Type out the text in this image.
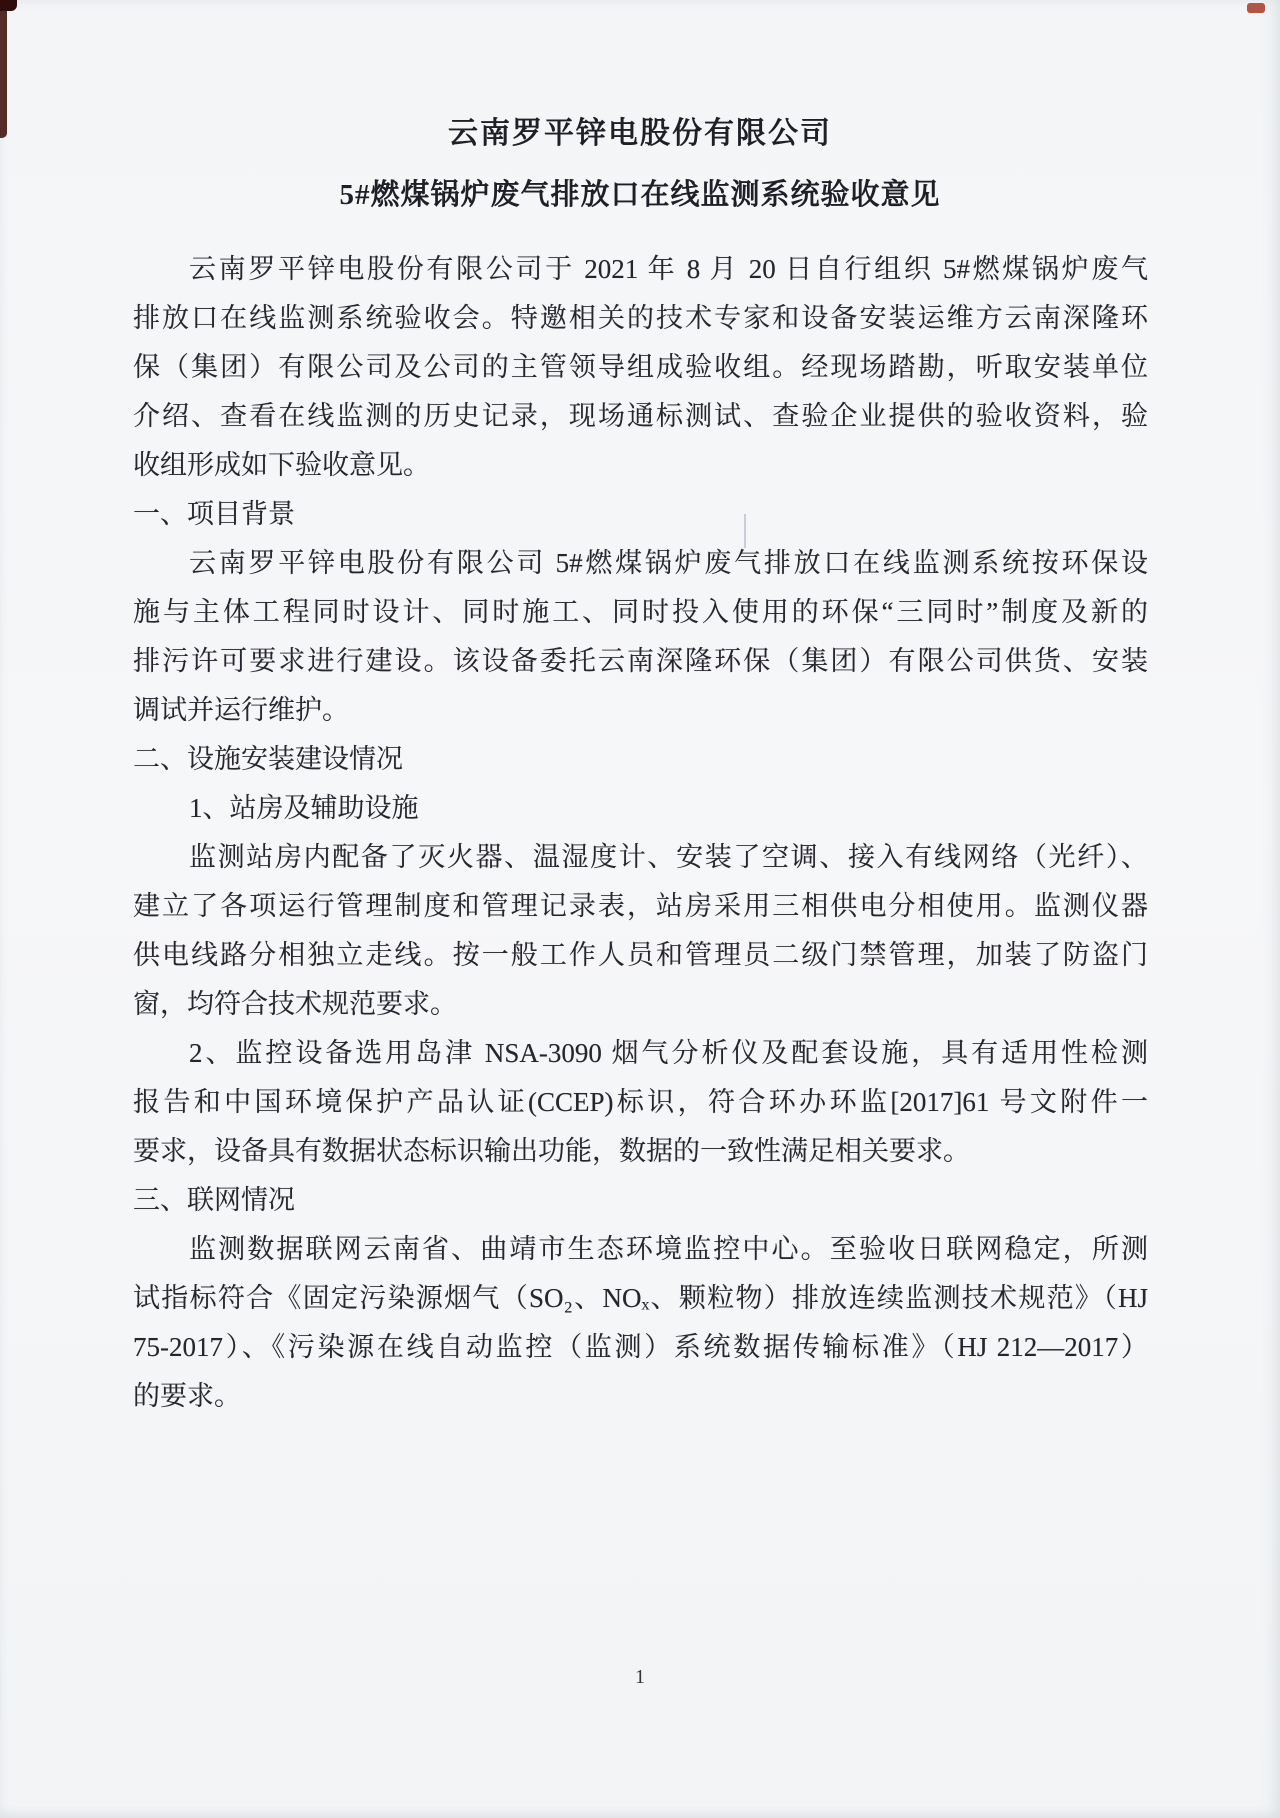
云南罗平锌电股份有限公司
5#燃煤锅炉废气排放口在线监测系统验收意见
云南罗平锌电股份有限公司于 2021 年 8 月 20 日自行组织 5#燃煤锅炉废气
排放口在线监测系统验收会。特邀相关的技术专家和设备安装运维方云南深隆环
保（集团）有限公司及公司的主管领导组成验收组。经现场踏勘，听取安装单位
介绍、查看在线监测的历史记录，现场通标测试、查验企业提供的验收资料，验
收组形成如下验收意见。
一、项目背景
云南罗平锌电股份有限公司 5#燃煤锅炉废气排放口在线监测系统按环保设
施与主体工程同时设计、同时施工、同时投入使用的环保“三同时”制度及新的
排污许可要求进行建设。该设备委托云南深隆环保（集团）有限公司供货、安装
调试并运行维护。
二、设施安装建设情况
1、站房及辅助设施
监测站房内配备了灭火器、温湿度计、安装了空调、接入有线网络（光纤）、
建立了各项运行管理制度和管理记录表，站房采用三相供电分相使用。监测仪器
供电线路分相独立走线。按一般工作人员和管理员二级门禁管理，加装了防盗门
窗，均符合技术规范要求。
2、监控设备选用岛津 NSA-3090 烟气分析仪及配套设施，具有适用性检测
报告和中国环境保护产品认证(CCEP)标识，符合环办环监[2017]61 号文附件一
要求，设备具有数据状态标识输出功能，数据的一致性满足相关要求。
三、联网情况
监测数据联网云南省、曲靖市生态环境监控中心。至验收日联网稳定，所测
试指标符合《固定污染源烟气（SO₂、NOₓ、颗粒物）排放连续监测技术规范》（HJ
75-2017）、《污染源在线自动监控（监测）系统数据传输标准》（HJ 212—2017）
的要求。
1
